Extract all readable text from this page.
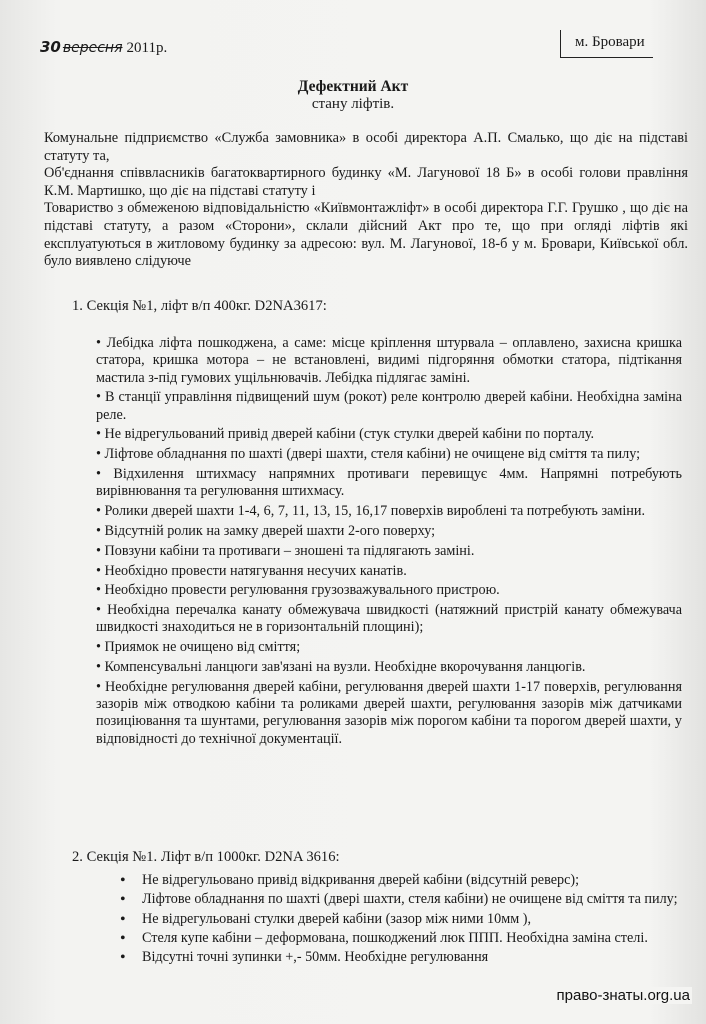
30 вересня 2011р.	м. Бровари
Дефектний Акт
стану ліфтів.

Комунальне підприємство «Служба замовника» в особі директора А.П. Смалько, що діє на підставі статуту та,

Об'єднання співвласників багатоквартирного будинку «М. Лагунової 18 Б» в особі голови правління К.М. Мартишко, що діє на підставі статуту і

Товариство з обмеженою відповідальністю «Київмонтажліфт» в особі директора Г.Г. Грушко , що діє на підставі статуту, а разом «Сторони», склали дійсний Акт про те, що при огляді ліфтів які експлуатуються в житловому будинку за адресою: вул. М. Лагунової, 18-б у м. Бровари, Київської обл. було виявлено слідуюче

1. Секція №1, ліфт в/п 400кг. D2NA3617:
• Лебідка ліфта пошкоджена, а саме: місце кріплення штурвала – оплавлено, захисна кришка статора, кришка мотора – не встановлені, видимі підгоряння обмотки статора, підтікання мастила з-під гумових ущільнювачів. Лебідка підлягає заміні.
• В станції управління підвищений шум (рокот) реле контролю дверей кабіни. Необхідна заміна реле.
• Не відрегульований привід дверей кабіни (стук стулки дверей кабіни по порталу.
• Ліфтове обладнання по шахті (двері шахти, стеля кабіни) не очищене від сміття та пилу;
• Відхилення штихмасу напрямних противаги перевищує 4мм. Напрямні потребують вирівнювання та регулювання штихмасу.
• Ролики дверей шахти 1-4, 6, 7, 11, 13, 15, 16,17 поверхів вироблені та потребують заміни.
• Відсутній ролик на замку дверей шахти 2-ого поверху;
• Повзуни кабіни та противаги – зношені та підлягають заміні.
• Необхідно провести натягування несучих канатів.
• Необхідно провести регулювання грузозважувального пристрою.
• Необхідна перечалка канату обмежувача швидкості (натяжний пристрій канату обмежувача швидкості знаходиться не в горизонтальній площині);
• Приямок не очищено від сміття;
• Компенсувальні ланцюги зав'язані на вузли. Необхідне вкорочування ланцюгів.
• Необхідне регулювання дверей кабіни, регулювання дверей шахти 1-17 поверхів, регулювання зазорів між отводкою кабіни та роликами дверей шахти, регулювання зазорів між датчиками позиціювання та шунтами, регулювання зазорів між порогом кабіни та порогом дверей шахти, у відповідності до технічної документації.
2. Секція №1. Ліфт в/п 1000кг. D2NA 3616:
• Не відрегульовано привід відкривання дверей кабіни (відсутній реверс);
• Ліфтове обладнання по шахті (двері шахти, стеля кабіни) не очищене від сміття та пилу;
• Не відрегульовані стулки дверей кабіни (зазор між ними 10мм ),
• Стеля купе кабіни – деформована, пошкоджений люк ППП. Необхідна заміна стелі.
• Відсутні точні зупинки +,- 50мм. Необхідне регулювання
право-знаты.org.ua
